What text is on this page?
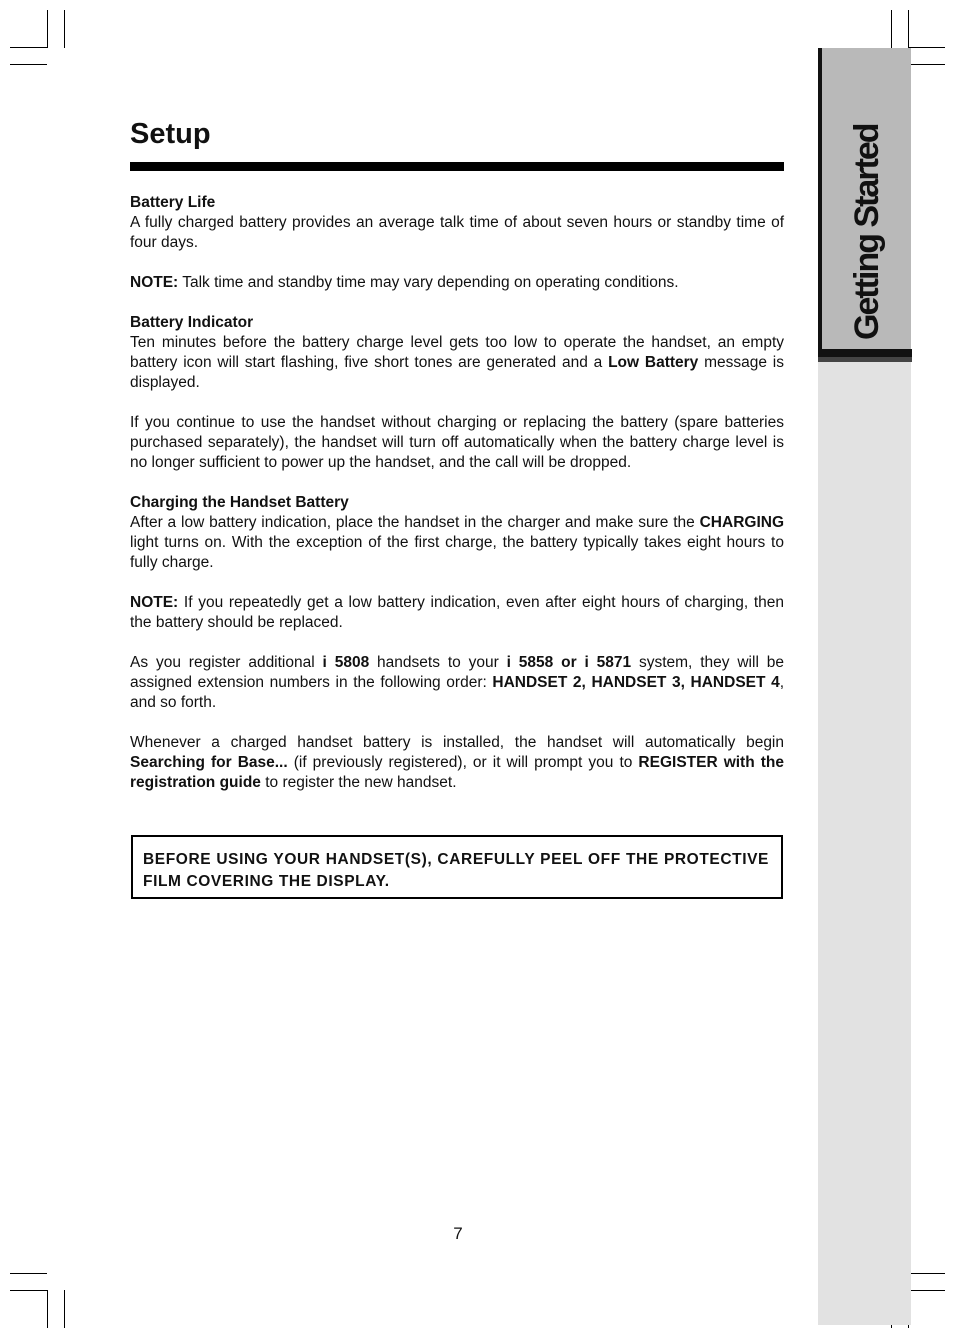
Getting Started
Setup
Battery Life

A fully charged battery provides an average talk time of about seven hours or standby time of four days.

NOTE: Talk time and standby time may vary depending on operating conditions.

Battery Indicator

Ten minutes before the battery charge level gets too low to operate the handset, an empty battery icon will start flashing, five short tones are generated and a Low Battery message is displayed.

If you continue to use the handset without charging or replacing the battery (spare batteries purchased separately), the handset will turn off automatically when the battery charge level is no longer sufficient to power up the handset, and the call will be dropped.

Charging the Handset Battery

After a low battery indication, place the handset in the charger and make sure the CHARGING light turns on. With the exception of the first charge, the battery typically takes eight hours to fully charge.

NOTE: If you repeatedly get a low battery indication, even after eight hours of charging, then the battery should be replaced.

As you register additional i 5808 handsets to your i 5858 or i 5871 system, they will be assigned extension numbers in the following order: HANDSET 2, HANDSET 3, HANDSET 4, and so forth.

Whenever a charged handset battery is installed, the handset will automatically begin Searching for Base... (if previously registered), or it will prompt you to REGISTER with the registration guide to register the new handset.

BEFORE USING YOUR HANDSET(S), CAREFULLY PEEL OFF THE PROTECTIVE FILM COVERING THE DISPLAY.
7
